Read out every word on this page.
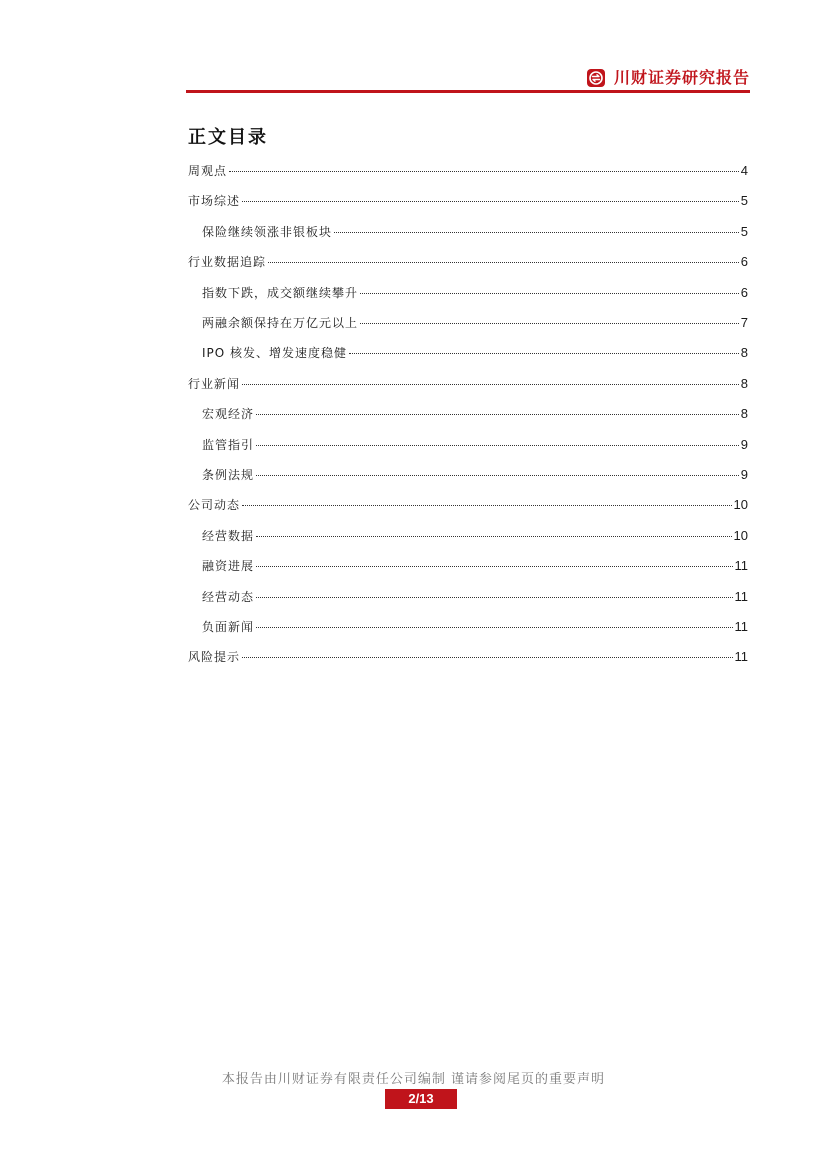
川财证券研究报告
正文目录
周观点	4
市场综述	5
保险继续领涨非银板块	5
行业数据追踪	6
指数下跌，成交额继续攀升	6
两融余额保持在万亿元以上	7
IPO 核发、增发速度稳健	8
行业新闻	8
宏观经济	8
监管指引	9
条例法规	9
公司动态	10
经营数据	10
融资进展	11
经营动态	11
负面新闻	11
风险提示	11

本报告由川财证券有限责任公司编制 谨请参阅尾页的重要声明

2/13
